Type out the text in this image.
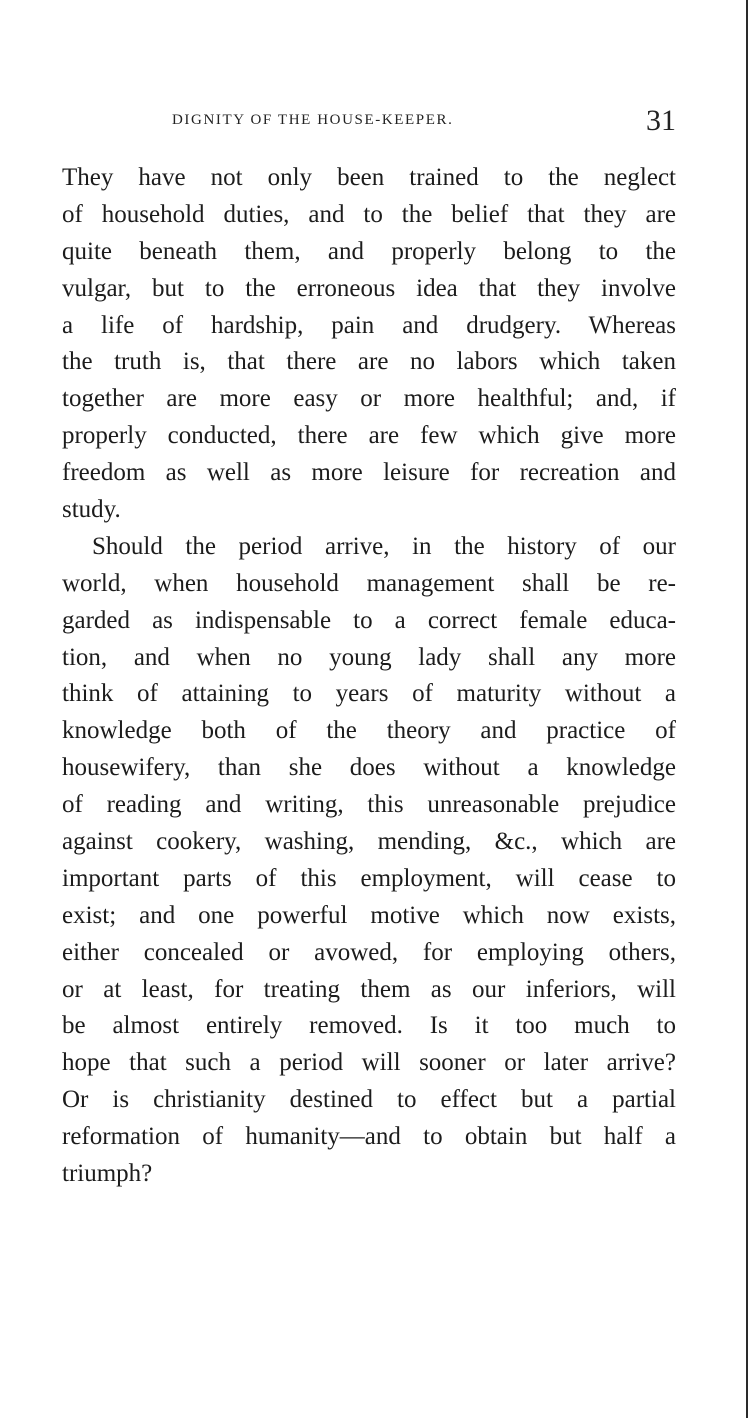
DIGNITY OF THE HOUSE-KEEPER.	31
They have not only been trained to the neglect
of household duties, and to the belief that they are
quite beneath them, and properly belong to the
vulgar, but to the erroneous idea that they involve
a life of hardship, pain and drudgery. Whereas
the truth is, that there are no labors which taken
together are more easy or more healthful; and, if
properly conducted, there are few which give more
freedom as well as more leisure for recreation and
study.
Should the period arrive, in the history of our
world, when household management shall be re-
garded as indispensable to a correct female educa-
tion, and when no young lady shall any more
think of attaining to years of maturity without a
knowledge both of the theory and practice of
housewifery, than she does without a knowledge
of reading and writing, this unreasonable prejudice
against cookery, washing, mending, &c., which are
important parts of this employment, will cease to
exist; and one powerful motive which now exists,
either concealed or avowed, for employing others,
or at least, for treating them as our inferiors, will
be almost entirely removed. Is it too much to
hope that such a period will sooner or later arrive?
Or is christianity destined to effect but a partial
reformation of humanity—and to obtain but half a
triumph?
